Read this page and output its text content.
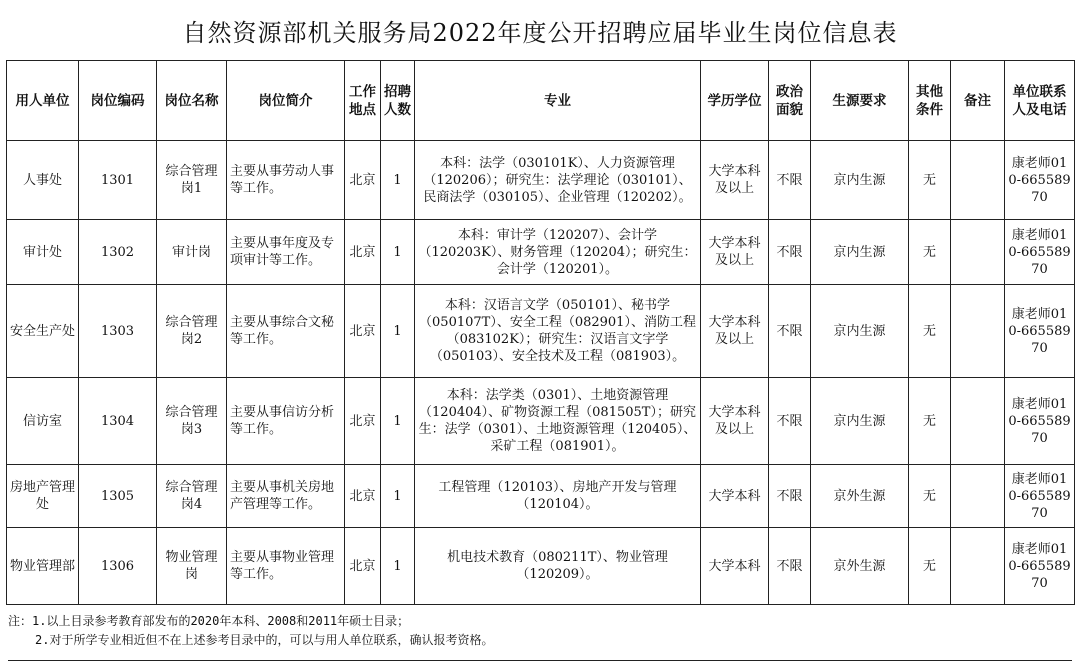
自然资源部机关服务局2022年度公开招聘应届毕业生岗位信息表
用人单位	岗位编码	岗位名称	岗位简介	工作地点	招聘人数	专业	学历学位	政治面貌	生源要求	其他条件	备注	单位联系人及电话
人事处	1301	综合管理岗1	主要从事劳动人事等工作。	北京	1	本科：法学（030101K）、人力资源管理（120206）；研究生：法学理论（030101）、民商法学（030105）、企业管理（120202）。	大学本科及以上	不限	京内生源	无		康老师010-66558970
审计处	1302	审计岗	主要从事年度及专项审计等工作。	北京	1	本科：审计学（120207）、会计学（120203K）、财务管理（120204）；研究生：会计学（120201）。	大学本科及以上	不限	京内生源	无		康老师010-66558970
安全生产处	1303	综合管理岗2	主要从事综合文秘等工作。	北京	1	本科：汉语言文学（050101）、秘书学（050107T）、安全工程（082901）、消防工程（083102K）；研究生：汉语言文字学（050103）、安全技术及工程（081903）。	大学本科及以上	不限	京内生源	无		康老师010-66558970
信访室	1304	综合管理岗3	主要从事信访分析等工作。	北京	1	本科：法学类（0301）、土地资源管理（120404）、矿物资源工程（081505T）；研究生：法学（0301）、土地资源管理（120405）、采矿工程（081901）。	大学本科及以上	不限	京内生源	无		康老师010-66558970
房地产管理处	1305	综合管理岗4	主要从事机关房地产管理等工作。	北京	1	工程管理（120103）、房地产开发与管理（120104）。	大学本科	不限	京外生源	无		康老师010-66558970
物业管理部	1306	物业管理岗	主要从事物业管理等工作。	北京	1	机电技术教育（080211T）、物业管理（120209）。	大学本科	不限	京外生源	无		康老师010-66558970
注：1.以上目录参考教育部发布的2020年本科、2008和2011年硕士目录；
2.对于所学专业相近但不在上述参考目录中的，可以与用人单位联系，确认报考资格。
